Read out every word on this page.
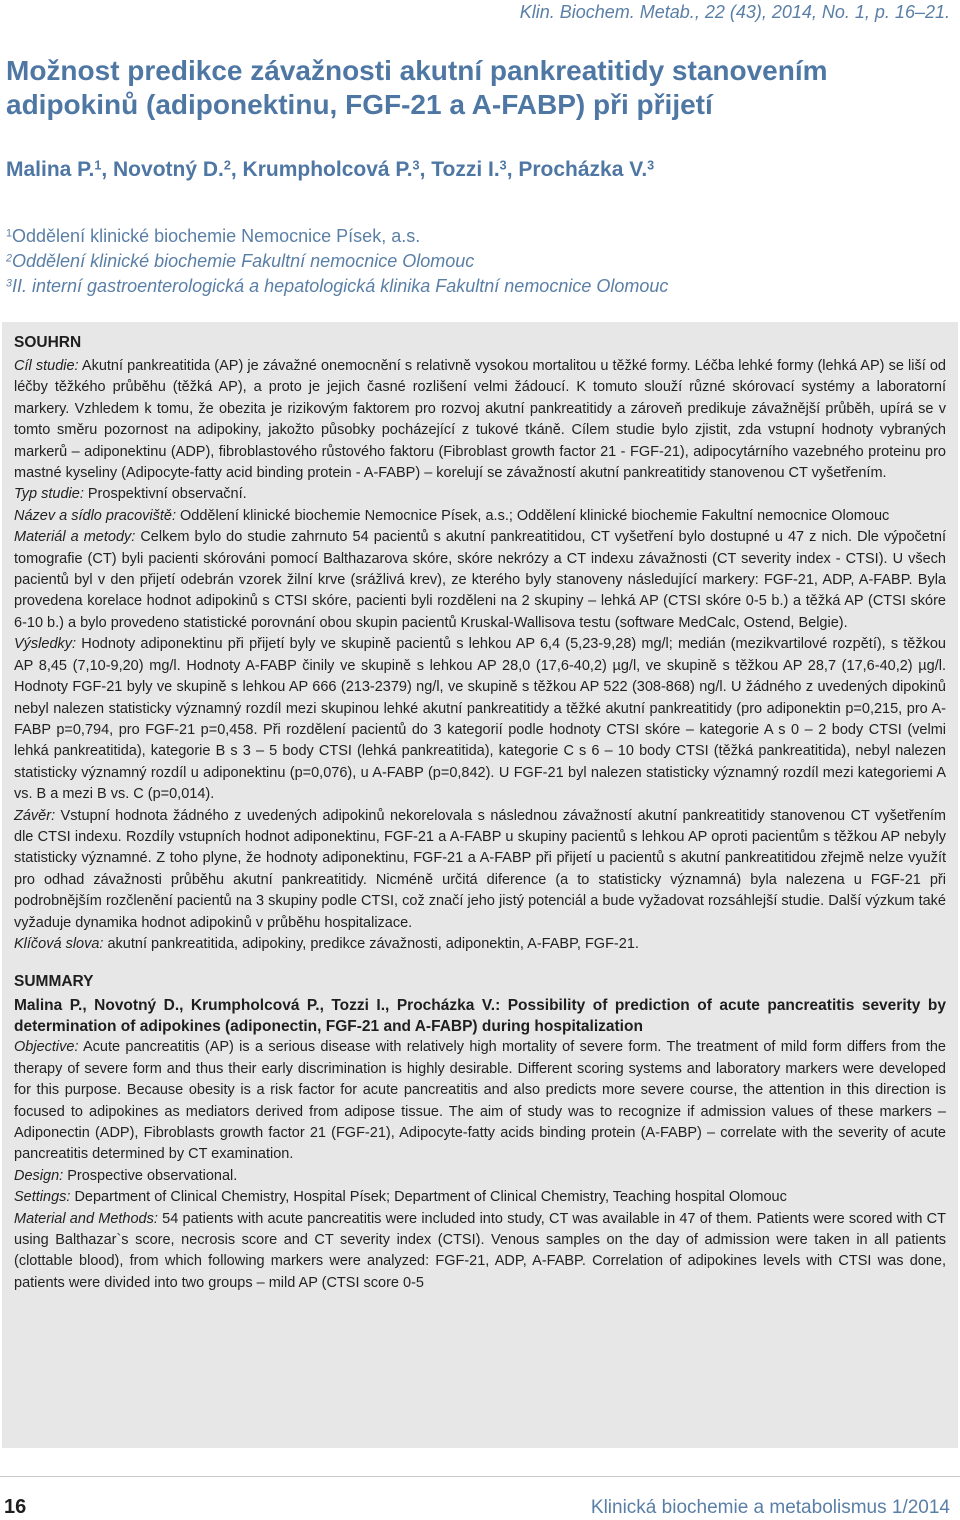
Klin. Biochem. Metab., 22 (43), 2014, No. 1, p. 16–21.
Možnost predikce závažnosti akutní pankreatitidy stanovením adipokinů (adiponektinu, FGF-21 a A-FABP) při přijetí
Malina P.$^1$, Novotný D.$^2$, Krumpholcová P.$^3$, Tozzi I.$^3$, Procházka V.$^3$
$^1$Oddělení klinické biochemie Nemocnice Písek, a.s.
$^2$Oddělení klinické biochemie Fakultní nemocnice Olomouc
$^3$II. interní gastroenterologická a hepatologická klinika Fakultní nemocnice Olomouc
SOUHRN

Cíl studie: Akutní pankreatitida (AP) je závažné onemocnění s relativně vysokou mortalitou u těžké formy. Léčba lehké formy (lehká AP) se liší od léčby těžkého průběhu (těžká AP), a proto je jejich časné rozlišení velmi žádoucí. K tomuto slouží různé skórovací systémy a laboratorní markery. Vzhledem k tomu, že obezita je rizikovým faktorem pro rozvoj akutní pankreatitidy a zároveň predikuje závažnější průběh, upírá se v tomto směru pozornost na adipokiny, jakožto působky pocházející z tukové tkáně. Cílem studie bylo zjistit, zda vstupní hodnoty vybraných markerů – adiponektinu (ADP), fibroblastového růstového faktoru (Fibroblast growth factor 21 - FGF-21), adipocytárního vazebného proteinu pro mastné kyseliny (Adipocyte-fatty acid binding protein - A-FABP) – korelují se závažností akutní pankreatitidy stanovenou CT vyšetřením.

Typ studie: Prospektivní observační.

Název a sídlo pracoviště: Oddělení klinické biochemie Nemocnice Písek, a.s.; Oddělení klinické biochemie Fakultní nemocnice Olomouc

Materiál a metody: Celkem bylo do studie zahrnuto 54 pacientů s akutní pankreatitidou, CT vyšetření bylo dostupné u 47 z nich. Dle výpočetní tomografie (CT) byli pacienti skórováni pomocí Balthazarova skóre, skóre nekrózy a CT indexu závažnosti (CT severity index - CTSI). U všech pacientů byl v den přijetí odebrán vzorek žilní krve (srážlivá krev), ze kterého byly stanoveny následující markery: FGF-21, ADP, A-FABP. Byla provedena korelace hodnot adipokinů s CTSI skóre, pacienti byli rozděleni na 2 skupiny – lehká AP (CTSI skóre 0-5 b.) a těžká AP (CTSI skóre 6-10 b.) a bylo provedeno statistické porovnání obou skupin pacientů Kruskal-Wallisova testu (software MedCalc, Ostend, Belgie).

Výsledky: Hodnoty adiponektinu při přijetí byly ve skupině pacientů s lehkou AP 6,4 (5,23-9,28) mg/l; medián (mezikvartilové rozpětí), s těžkou AP 8,45 (7,10-9,20) mg/l. Hodnoty A-FABP činily ve skupině s lehkou AP 28,0 (17,6-40,2) µg/l, ve skupině s těžkou AP 28,7 (17,6-40,2) µg/l. Hodnoty FGF-21 byly ve skupině s lehkou AP 666 (213-2379) ng/l, ve skupině s těžkou AP 522 (308-868) ng/l. U žádného z uvedených dipokinů nebyl nalezen statisticky významný rozdíl mezi skupinou lehké akutní pankreatitidy a těžké akutní pankreatitidy (pro adiponektin p=0,215, pro A-FABP p=0,794, pro FGF-21 p=0,458. Při rozdělení pacientů do 3 kategorií podle hodnoty CTSI skóre – kategorie A s 0 – 2 body CTSI (velmi lehká pankreatitida), kategorie B s 3 – 5 body CTSI (lehká pankreatitida), kategorie C s 6 – 10 body CTSI (těžká pankreatitida), nebyl nalezen statisticky významný rozdíl u adiponektinu (p=0,076), u A-FABP (p=0,842). U FGF-21 byl nalezen statisticky významný rozdíl mezi kategoriemi A vs. B a mezi B vs. C (p=0,014).

Závěr: Vstupní hodnota žádného z uvedených adipokinů nekorelovala s následnou závažností akutní pankreatitidy stanovenou CT vyšetřením dle CTSI indexu. Rozdíly vstupních hodnot adiponektinu, FGF-21 a A-FABP u skupiny pacientů s lehkou AP oproti pacientům s těžkou AP nebyly statisticky významné. Z toho plyne, že hodnoty adiponektinu, FGF-21 a A-FABP při přijetí u pacientů s akutní pankreatitidou zřejmě nelze využít pro odhad závažnosti průběhu akutní pankreatitidy. Nicméně určitá diference (a to statisticky významná) byla nalezena u FGF-21 při podrobnějším rozčlenění pacientů na 3 skupiny podle CTSI, což značí jeho jistý potenciál a bude vyžadovat rozsáhlejší studie. Další výzkum také vyžaduje dynamika hodnot adipokinů v průběhu hospitalizace.

Klíčová slova: akutní pankreatitida, adipokiny, predikce závažnosti, adiponektin, A-FABP, FGF-21.

SUMMARY

Malina P., Novotný D., Krumpholcová P., Tozzi I., Procházka V.: Possibility of prediction of acute pancreatitis severity by determination of adipokines (adiponectin, FGF-21 and A-FABP) during hospitalization

Objective: Acute pancreatitis (AP) is a serious disease with relatively high mortality of severe form. The treatment of mild form differs from the therapy of severe form and thus their early discrimination is highly desirable. Different scoring systems and laboratory markers were developed for this purpose. Because obesity is a risk factor for acute pancreatitis and also predicts more severe course, the attention in this direction is focused to adipokines as mediators derived from adipose tissue. The aim of study was to recognize if admission values of these markers – Adiponectin (ADP), Fibroblasts growth factor 21 (FGF-21), Adipocyte-fatty acids binding protein (A-FABP) – correlate with the severity of acute pancreatitis determined by CT examination.

Design: Prospective observational.

Settings: Department of Clinical Chemistry, Hospital Písek; Department of Clinical Chemistry, Teaching hospital Olomouc

Material and Methods: 54 patients with acute pancreatitis were included into study, CT was available in 47 of them. Patients were scored with CT using Balthazar`s score, necrosis score and CT severity index (CTSI). Venous samples on the day of admission were taken in all patients (clottable blood), from which following markers were analyzed: FGF-21, ADP, A-FABP. Correlation of adipokines levels with CTSI was done, patients were divided into two groups – mild AP (CTSI score 0-5

16	Klinická biochemie a metabolismus 1/2014
